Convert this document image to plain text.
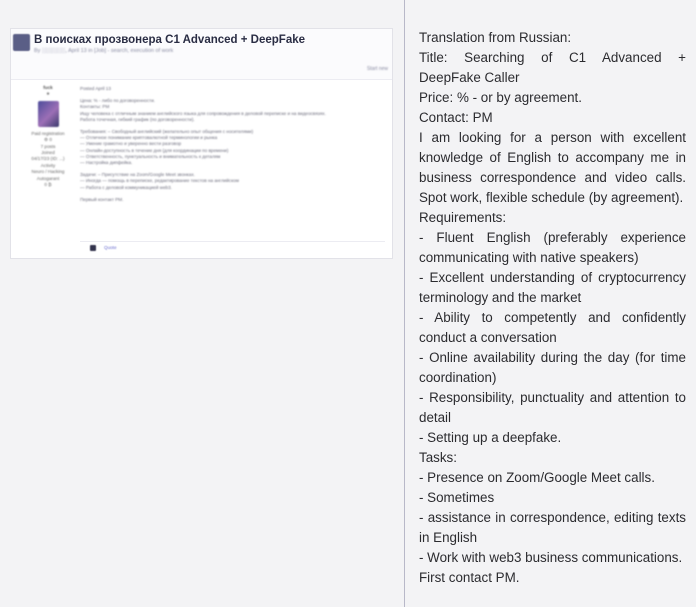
В поисках прозвонера C1 Advanced + DeepFake
By ░░░░░░, April 13 in [Job] - search, execution of work
Start new
fuck
★
Paid registration
⚙ 0
7 posts
Joined
04/17/23 (ID: ...)
Activity
Neuro / Hacking
Autogarant
0 ₿

Posted April 13

Цена: % - либо по договоренности.

Контакты: PM

Ищу человека с отличным знанием английского языка для сопровождения в деловой переписке и на видеосвязях.

Работа точечная, гибкий график (по договоренности).

Требования: – Свободный английский (желательно опыт общения с носителями)

— Отличное понимание криптовалютной терминологии и рынка

— Умение грамотно и уверенно вести разговор

— Онлайн-доступность в течение дня (для координации по времени)

— Ответственность, пунктуальность и внимательность к деталям

— Настройка дипфейка.

Задачи: – Присутствие на Zoom/Google Meet звонках.

— Иногда — помощь в переписке, редактирование текстов на английском

— Работа с деловой коммуникацией web3.

Первый контакт PM.

Quote
Translation from Russian:
Title: Searching of C1 Advanced + DeepFake Caller
Price: % - or by agreement.
Contact: PM
I am looking for a person with excellent knowledge of English to accompany me in business correspondence and video calls. Spot work, flexible schedule (by agreement).
Requirements:
- Fluent English (preferably experience communicating with native speakers)
- Excellent understanding of cryptocurrency terminology and the market
- Ability to competently and confidently conduct a conversation
- Online availability during the day (for time coordination)
- Responsibility, punctuality and attention to detail
- Setting up a deepfake.
Tasks:
- Presence on Zoom/Google Meet calls.
- Sometimes
- assistance in correspondence, editing texts in English
- Work with web3 business communications.
First contact PM.
